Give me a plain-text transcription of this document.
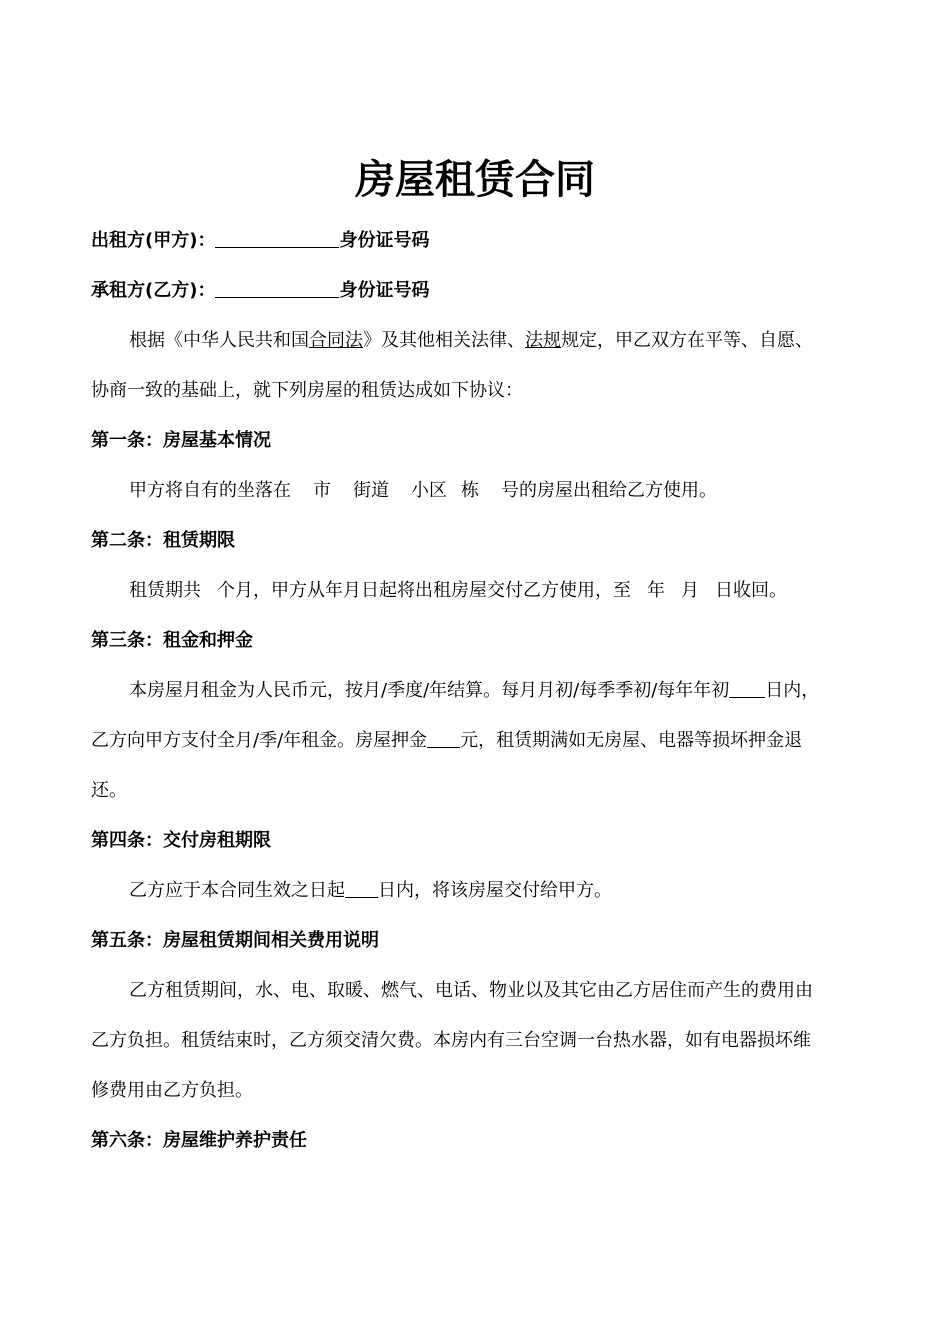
房屋租赁合同
出租方(甲方)：	身份证号码
承租方(乙方)：	身份证号码
根据《中华人民共和国合同法》及其他相关法律、法规规定，甲乙双方在平等、自愿、
协商一致的基础上，就下列房屋的租赁达成如下协议：
第一条：房屋基本情况
甲方将自有的坐落在 市 街道 小区 栋 号的房屋出租给乙方使用。
第二条：租赁期限
租赁期共 个月，甲方从年月日起将出租房屋交付乙方使用，至 年 月 日收回。
第三条：租金和押金
本房屋月租金为人民币元，按月/季度/年结算。每月月初/每季季初/每年年初 日内，
乙方向甲方支付全月/季/年租金。房屋押金 元，租赁期满如无房屋、电器等损坏押金退
还。
第四条：交付房租期限
乙方应于本合同生效之日起 日内，将该房屋交付给甲方。
第五条：房屋租赁期间相关费用说明
乙方租赁期间，水、电、取暖、燃气、电话、物业以及其它由乙方居住而产生的费用由
乙方负担。租赁结束时，乙方须交清欠费。本房内有三台空调一台热水器，如有电器损坏维
修费用由乙方负担。
第六条：房屋维护养护责任
